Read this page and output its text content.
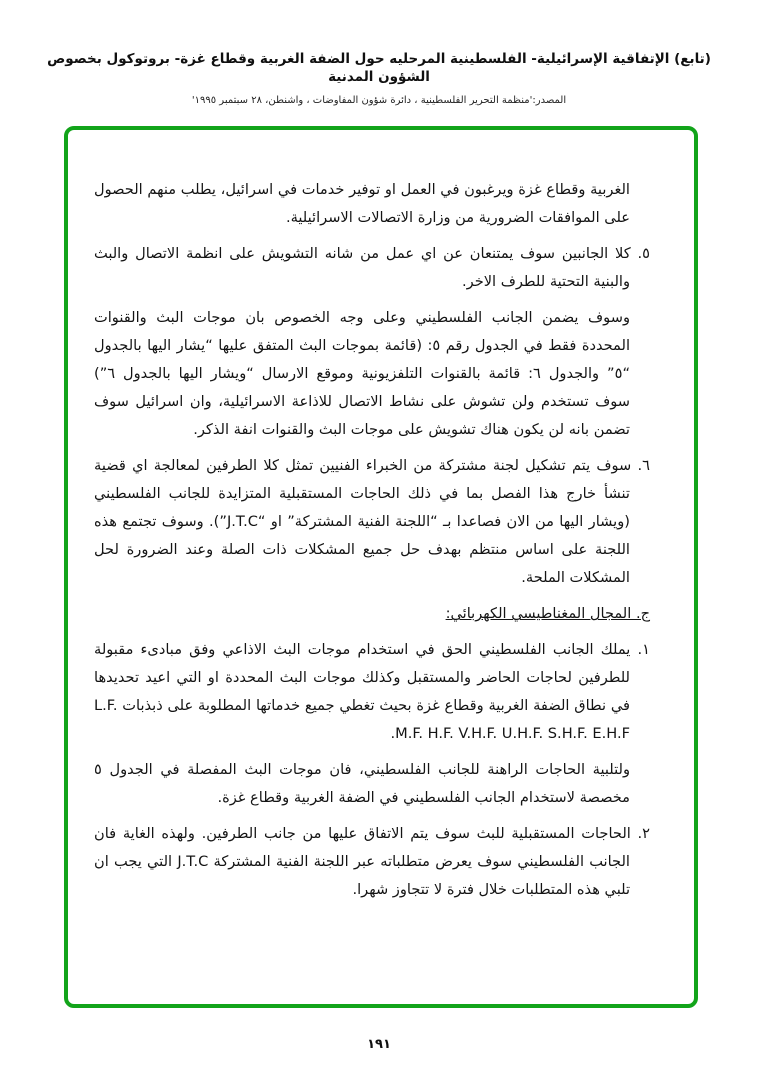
(تابع) الإتفاقية الإسرائيلية- الفلسطينية المرحليه حول الضفة الغربية وقطاع غزة- بروتوكول بخصوص الشؤون المدنية
المصدر:'منظمة التحرير الفلسطينية ، دائرة شؤون المفاوضات ، واشنطن، ٢٨ سبتمبر ١٩٩٥'
الغربية وقطاع غزة ويرغبون في العمل او توفير خدمات في اسرائيل، يطلب منهم الحصول على الموافقات الضرورية من وزارة الاتصالات الاسرائيلية.
٥. كلا الجانبين سوف يمتنعان عن اي عمل من شانه التشويش على انظمة الاتصال والبث والبنية التحتية للطرف الاخر.
وسوف يضمن الجانب الفلسطيني وعلى وجه الخصوص بان موجات البث والقنوات المحددة فقط في الجدول رقم ٥: (قائمة بموجات البث المتفق عليها “يشار اليها بالجدول “٥” والجدول ٦: قائمة بالقنوات التلفزيونية وموقع الارسال “ويشار اليها بالجدول ٦”) سوف تستخدم ولن تشوش على نشاط الاتصال للاذاعة الاسرائيلية، وان اسرائيل سوف تضمن بانه لن يكون هناك تشويش على موجات البث والقنوات انفة الذكر.
٦. سوف يتم تشكيل لجنة مشتركة من الخبراء الفنيين تمثل كلا الطرفين لمعالجة اي قضية تنشأ خارج هذا الفصل بما في ذلك الحاجات المستقبلية المتزايدة للجانب الفلسطيني (ويشار اليها من الان فصاعدا بـ “اللجنة الفنية المشتركة” او “J.T.C”). وسوف تجتمع هذه اللجنة على اساس منتظم بهدف حل جميع المشكلات ذات الصلة وعند الضرورة لحل المشكلات الملحة.
ج. المجال المغناطيسي الكهربائي:
١. يملك الجانب الفلسطيني الحق في استخدام موجات البث الاذاعي وفق مبادىء مقبولة للطرفين لحاجات الحاضر والمستقبل وكذلك موجات البث المحددة او التي اعيد تحديدها في نطاق الضفة الغربية وقطاع غزة بحيث تغطي جميع خدماتها المطلوبة على ذبذبات L.F. M.F. H.F. V.H.F. U.H.F. S.H.F. E.H.F.
ولتلبية الحاجات الراهنة للجانب الفلسطيني، فان موجات البث المفصلة في الجدول ٥ مخصصة لاستخدام الجانب الفلسطيني في الضفة الغربية وقطاع غزة.
٢. الحاجات المستقبلية للبث سوف يتم الاتفاق عليها من جانب الطرفين. ولهذه الغاية فان الجانب الفلسطيني سوف يعرض متطلباته عبر اللجنة الفنية المشتركة J.T.C التي يجب ان تلبي هذه المتطلبات خلال فترة لا تتجاوز شهرا.
١٩١
